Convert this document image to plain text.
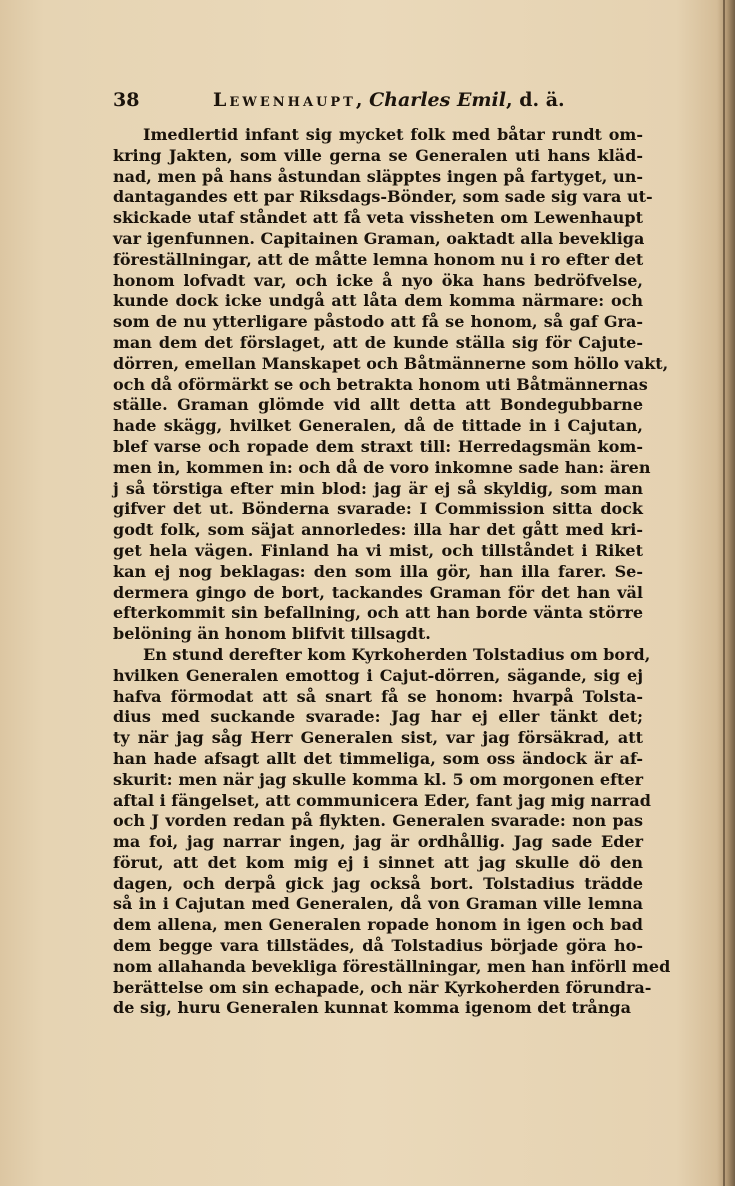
38	Lewenhaupt, Charles Emil, d. ä.
Imedlertid infant sig mycket folk med båtar rundt om-
kring Jakten, som ville gerna se Generalen uti hans kläd-
nad, men på hans åstundan släpptes ingen på fartyget, un-
dantagandes ett par Riksdags-Bönder, som sade sig vara ut-
skickade utaf ståndet att få veta vissheten om Lewenhaupt
var igenfunnen. Capitainen Graman, oaktadt alla bevekliga
föreställningar, att de måtte lemna honom nu i ro efter det
honom lofvadt var, och icke å nyo öka hans bedröfvelse,
kunde dock icke undgå att låta dem komma närmare: och
som de nu ytterligare påstodo att få se honom, så gaf Gra-
man dem det förslaget, att de kunde ställa sig för Cajute-
dörren, emellan Manskapet och Båtmännerne som höllo vakt,
och då oförmärkt se och betrakta honom uti Båtmännernas
ställe. Graman glömde vid allt detta att Bondegubbarne
hade skägg, hvilket Generalen, då de tittade in i Cajutan,
blef varse och ropade dem straxt till: Herredagsmän kom-
men in, kommen in: och då de voro inkomne sade han: ären
j så törstiga efter min blod: jag är ej så skyldig, som man
gifver det ut. Bönderna svarade: I Commission sitta dock
godt folk, som säjat annorledes: illa har det gått med kri-
get hela vägen. Finland ha vi mist, och tillståndet i Riket
kan ej nog beklagas: den som illa gör, han illa farer. Se-
dermera gingo de bort, tackandes Graman för det han väl
efterkommit sin befallning, och att han borde vänta större
belöning än honom blifvit tillsagdt.
En stund derefter kom Kyrkoherden Tolstadius om bord,
hvilken Generalen emottog i Cajut-dörren, sägande, sig ej
hafva förmodat att så snart få se honom: hvarpå Tolsta-
dius med suckande svarade: Jag har ej eller tänkt det;
ty när jag såg Herr Generalen sist, var jag försäkrad, att
han hade afsagt allt det timmeliga, som oss ändock är af-
skurit: men när jag skulle komma kl. 5 om morgonen efter
aftal i fängelset, att communicera Eder, fant jag mig narrad
och J vorden redan på flykten. Generalen svarade: non pas
ma foi, jag narrar ingen, jag är ordhållig. Jag sade Eder
förut, att det kom mig ej i sinnet att jag skulle dö den
dagen, och derpå gick jag också bort. Tolstadius trädde
så in i Cajutan med Generalen, då von Graman ville lemna
dem allena, men Generalen ropade honom in igen och bad
dem begge vara tillstädes, då Tolstadius började göra ho-
nom allahanda bevekliga föreställningar, men han införll med
berättelse om sin echapade, och när Kyrkoherden förundra-
de sig, huru Generalen kunnat komma igenom det trånga
